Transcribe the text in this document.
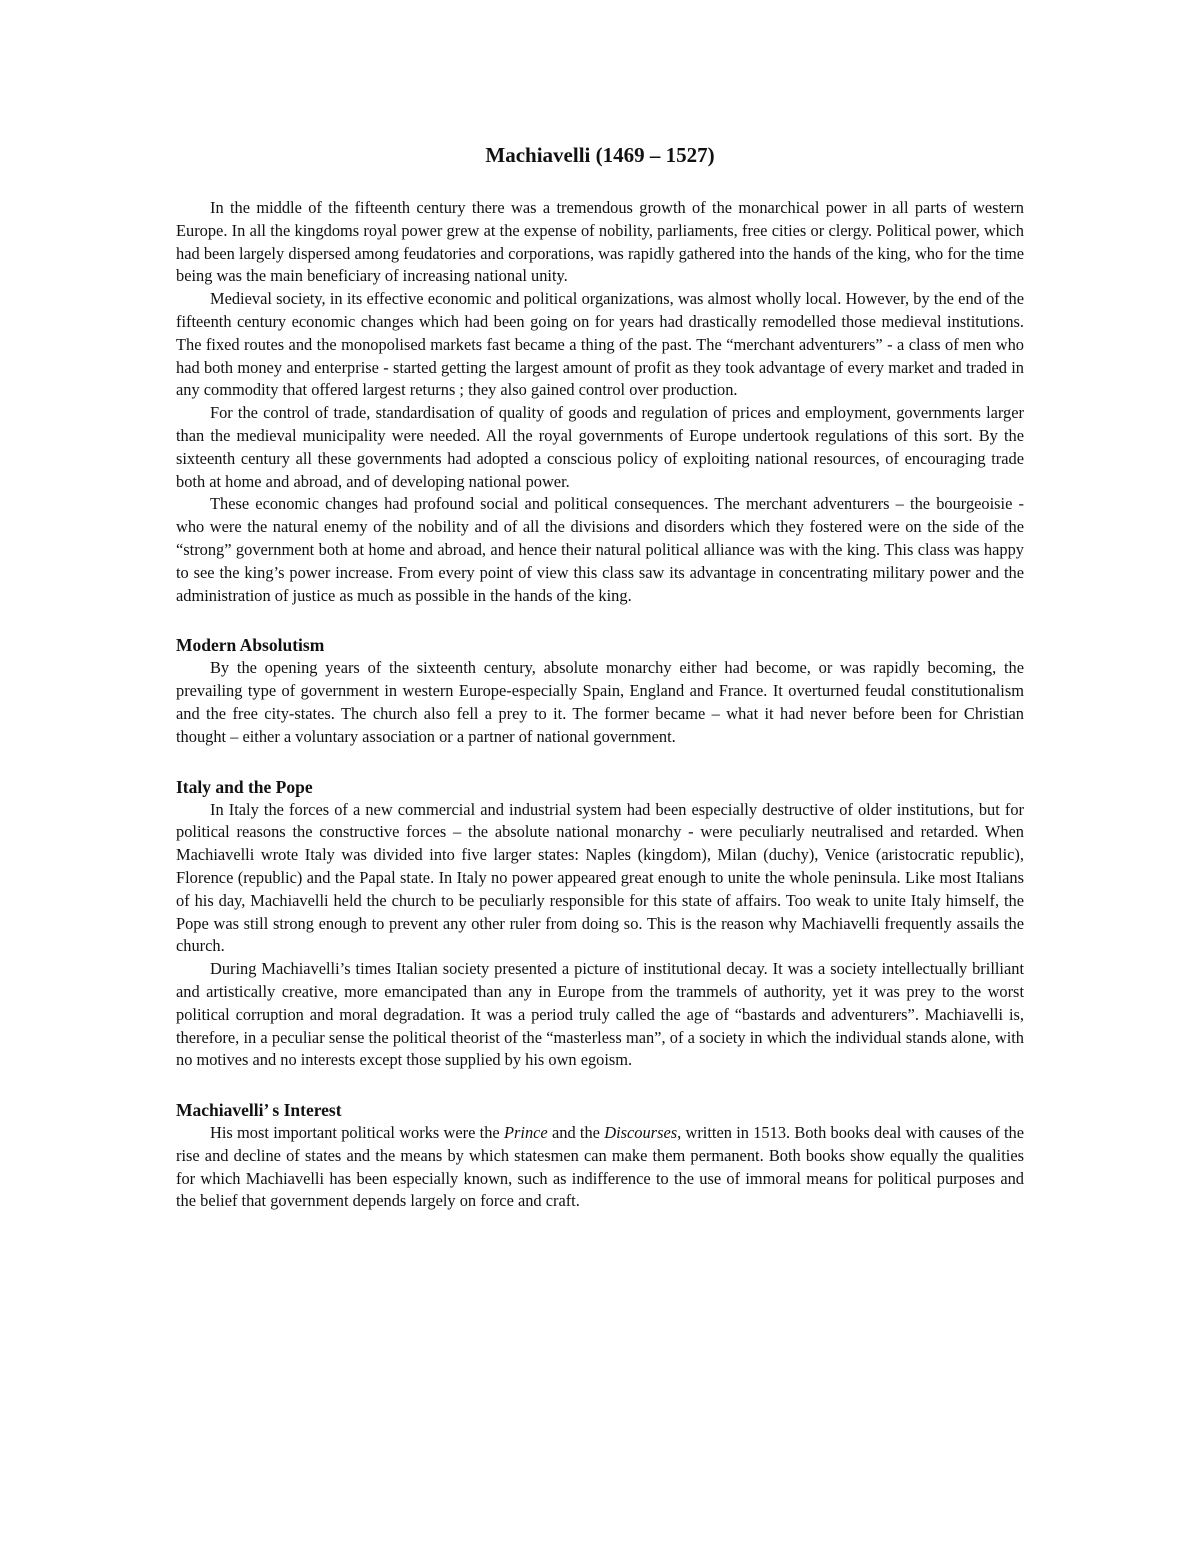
Machiavelli (1469 – 1527)

In the middle of the fifteenth century there was a tremendous growth of the monarchical power in all parts of western Europe. In all the kingdoms royal power grew at the expense of nobility, parliaments, free cities or clergy. Political power, which had been largely dispersed among feudatories and corporations, was rapidly gathered into the hands of the king, who for the time being was the main beneficiary of increasing national unity.

Medieval society, in its effective economic and political organizations, was almost wholly local. However, by the end of the fifteenth century economic changes which had been going on for years had drastically remodelled those medieval institutions. The fixed routes and the monopolised markets fast became a thing of the past. The “merchant adventurers” - a class of men who had both money and enterprise - started getting the largest amount of profit as they took advantage of every market and traded in any commodity that offered largest returns ; they also gained control over production.

For the control of trade, standardisation of quality of goods and regulation of prices and employment, governments larger than the medieval municipality were needed. All the royal governments of Europe undertook regulations of this sort. By the sixteenth century all these governments had adopted a conscious policy of exploiting national resources, of encouraging trade both at home and abroad, and of developing national power.

These economic changes had profound social and political consequences. The merchant adventurers – the bourgeoisie - who were the natural enemy of the nobility and of all the divisions and disorders which they fostered were on the side of the “strong” government both at home and abroad, and hence their natural political alliance was with the king. This class was happy to see the king’s power increase. From every point of view this class saw its advantage in concentrating military power and the administration of justice as much as possible in the hands of the king.

Modern Absolutism

By the opening years of the sixteenth century, absolute monarchy either had become, or was rapidly becoming, the prevailing type of government in western Europe-especially Spain, England and France. It overturned feudal constitutionalism and the free city-states. The church also fell a prey to it. The former became – what it had never before been for Christian thought – either a voluntary association or a partner of national government.

Italy and the Pope

In Italy the forces of a new commercial and industrial system had been especially destructive of older institutions, but for political reasons the constructive forces – the absolute national monarchy - were peculiarly neutralised and retarded. When Machiavelli wrote Italy was divided into five larger states: Naples (kingdom), Milan (duchy), Venice (aristocratic republic), Florence (republic) and the Papal state. In Italy no power appeared great enough to unite the whole peninsula. Like most Italians of his day, Machiavelli held the church to be peculiarly responsible for this state of affairs. Too weak to unite Italy himself, the Pope was still strong enough to prevent any other ruler from doing so. This is the reason why Machiavelli frequently assails the church.

During Machiavelli’s times Italian society presented a picture of institutional decay. It was a society intellectually brilliant and artistically creative, more emancipated than any in Europe from the trammels of authority, yet it was prey to the worst political corruption and moral degradation. It was a period truly called the age of “bastards and adventurers”. Machiavelli is, therefore, in a peculiar sense the political theorist of the “masterless man”, of a society in which the individual stands alone, with no motives and no interests except those supplied by his own egoism.

Machiavelli’ s Interest

His most important political works were the Prince and the Discourses, written in 1513. Both books deal with causes of the rise and decline of states and the means by which statesmen can make them permanent. Both books show equally the qualities for which Machiavelli has been especially known, such as indifference to the use of immoral means for political purposes and the belief that government depends largely on force and craft.
